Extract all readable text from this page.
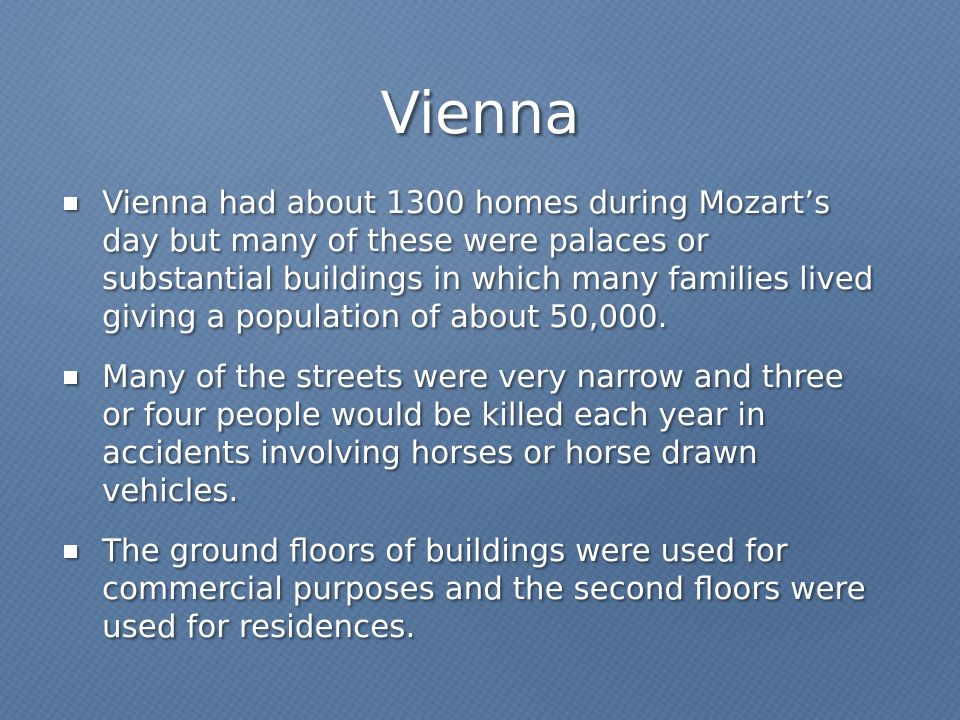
Vienna
Vienna had about 1300 homes during Mozart’s day but many of these were palaces or substantial buildings in which many families lived giving a population of about 50,000.
Many of the streets were very narrow and three or four people would be killed each year in accidents involving horses or horse drawn vehicles.
The ground floors of buildings were used for commercial purposes and the second floors were used for residences.
